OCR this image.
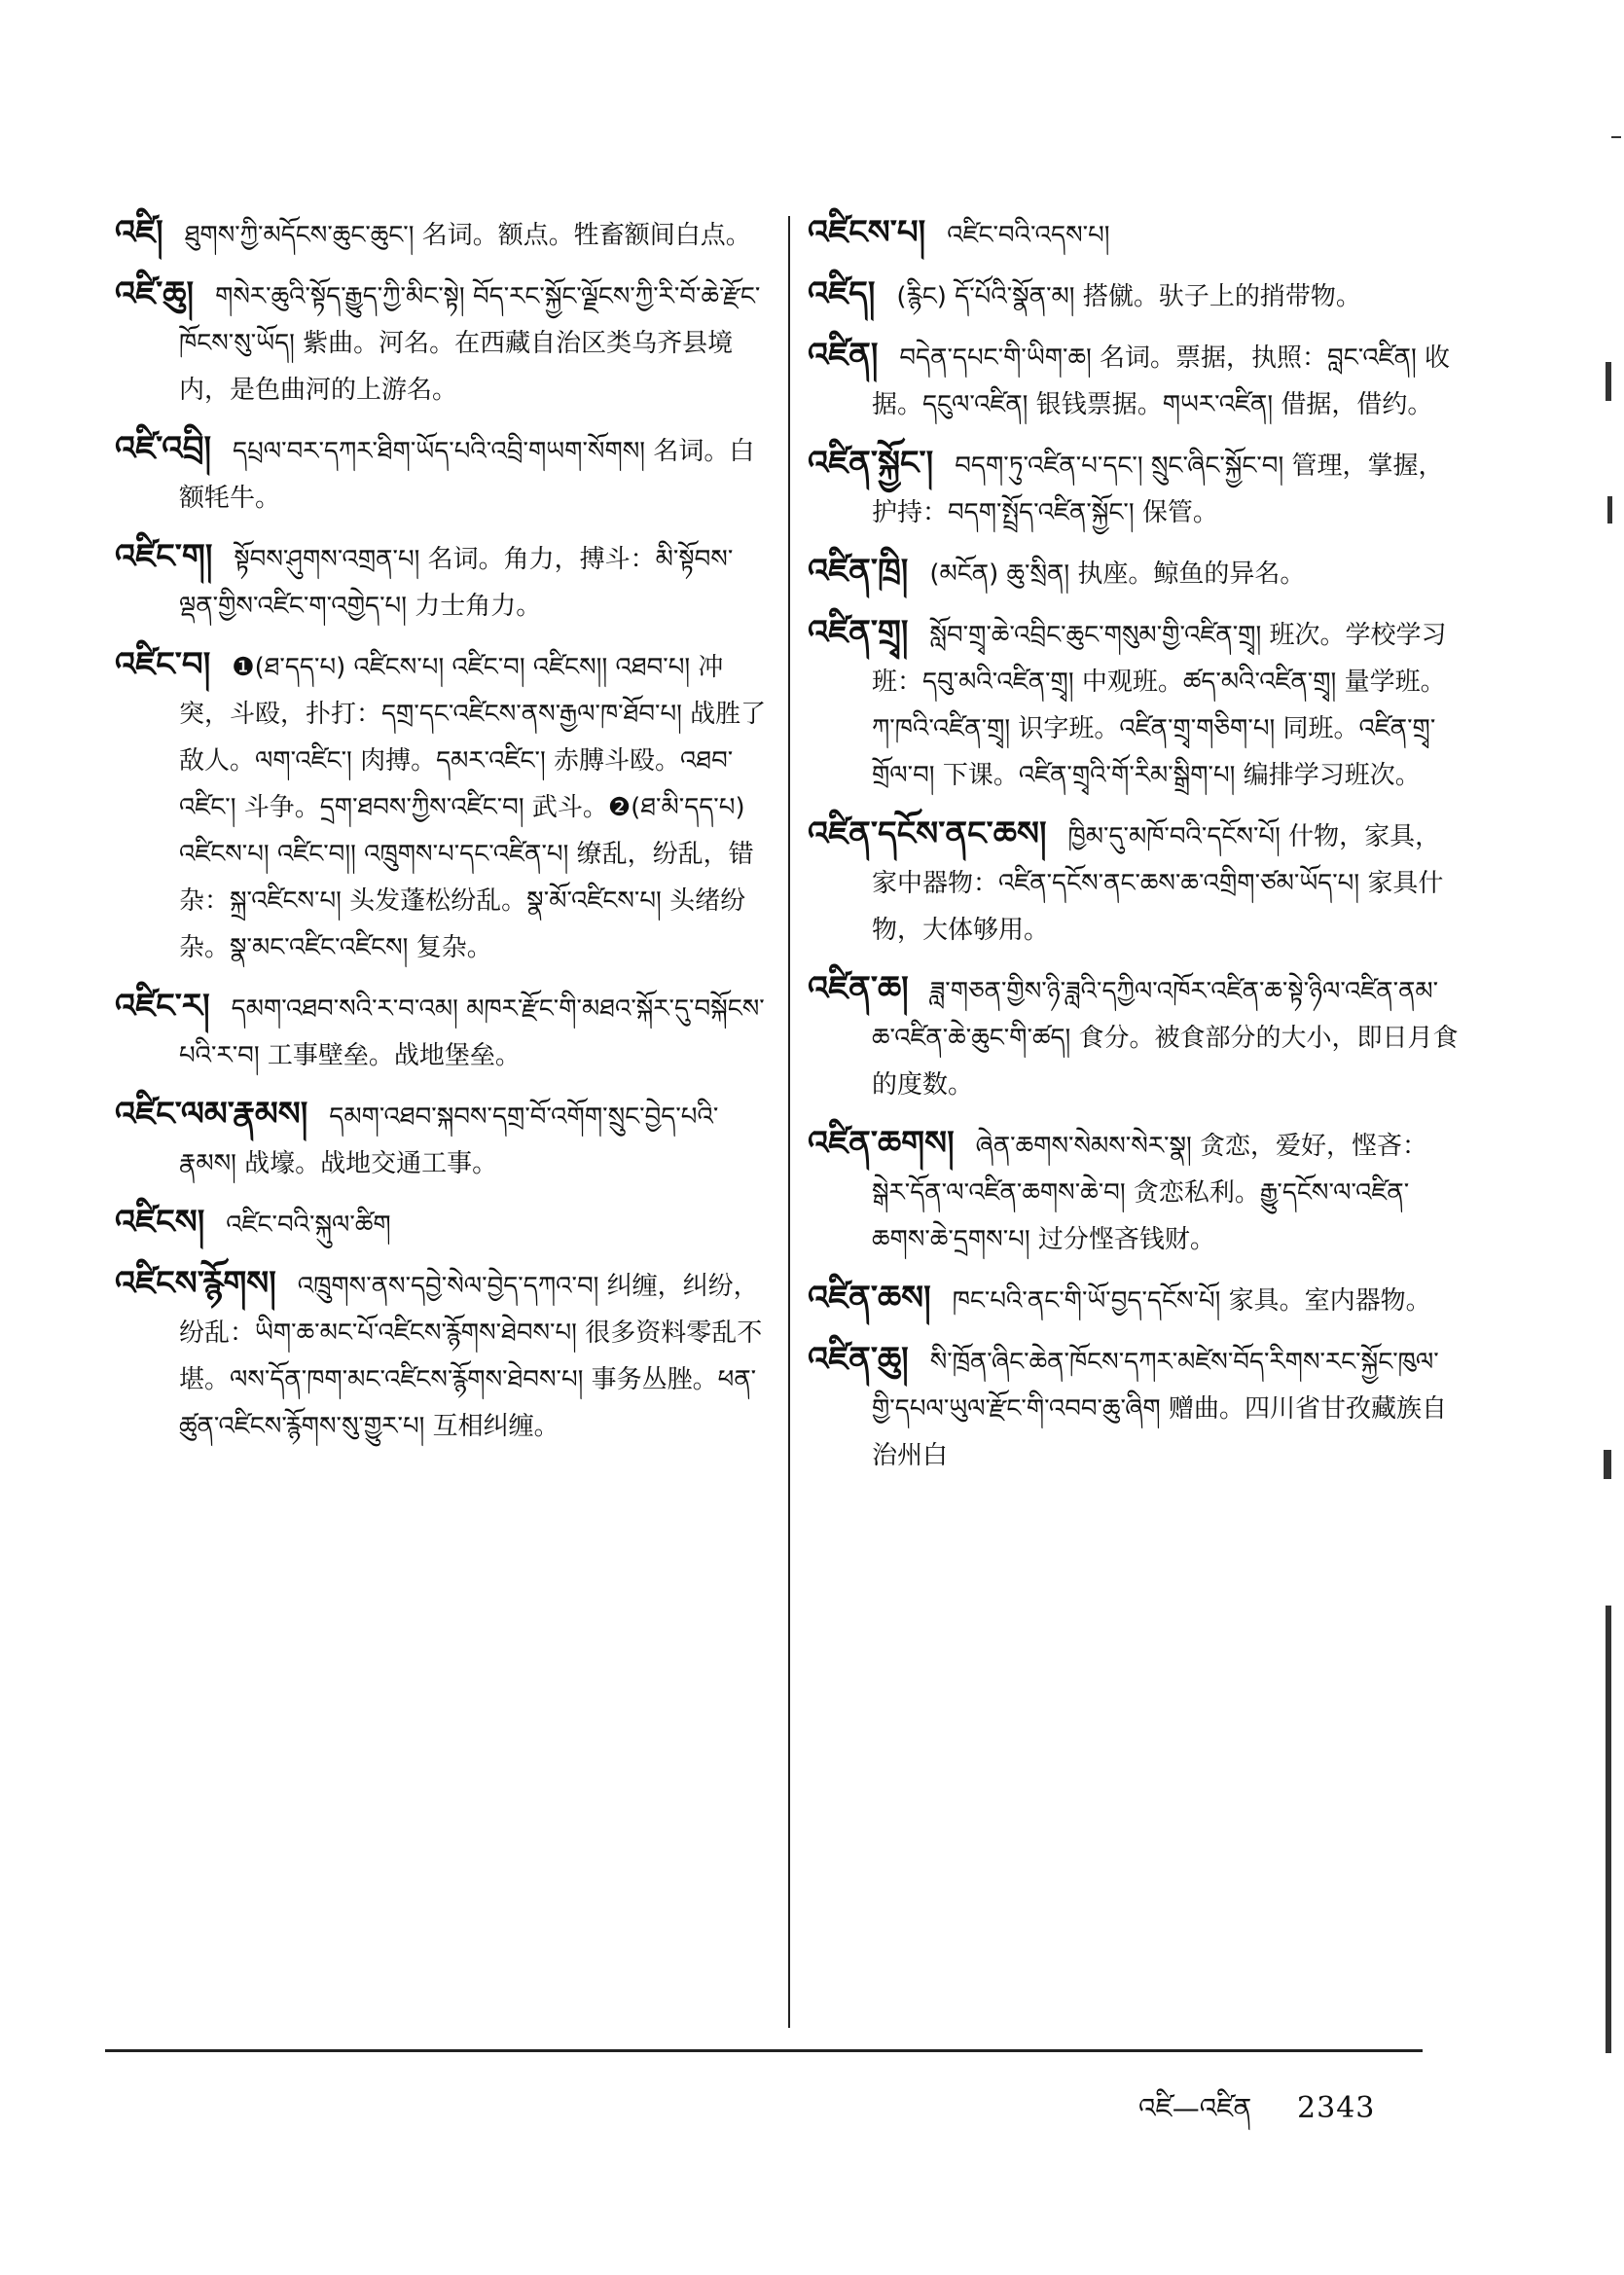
འཛི། ཐུགས་ཀྱི་མདོངས་ཆུང་ཆུང་། 名词。额点。牲畜额间白点。

འཛི་ཆུ། གསེར་ཆུའི་སྟོད་རྒྱུད་ཀྱི་མིང་སྟེ། བོད་རང་སྐྱོང་ལྗོངས་ཀྱི་རི་བོ་ཆེ་རྫོང་ཁོངས་སུ་ཡོད། 紫曲。河名。在西藏自治区类乌齐县境内，是色曲河的上游名。

འཛི་འབྲི། དཔྲལ་བར་དཀར་ཐིག་ཡོད་པའི་འབྲི་གཡག་སོགས། 名词。白额牦牛。

འཛིང་ག། སྟོབས་ཤུགས་འགྲན་པ། 名词。角力，搏斗：མི་སྟོབས་ལྡན་གྱིས་འཛིང་ག་འགྱེད་པ། 力士角力。

འཛིང་བ། ❶(ཐ་དད་པ) འཛིངས་པ། འཛིང་བ། འཛིངས།། འཐབ་པ། 冲突，斗殴，扑打：དགྲ་དང་འཛིངས་ནས་རྒྱལ་ཁ་ཐོབ་པ། 战胜了敌人。ལག་འཛིང་། 肉搏。དམར་འཛིང་། 赤膊斗殴。འཐབ་འཛིང་། 斗争。དྲག་ཐབས་ཀྱིས་འཛིང་བ། 武斗。❷(ཐ་མི་དད་པ) འཛིངས་པ། འཛིང་བ།། འཁྲུགས་པ་དང་འཛིན་པ། 缭乱，纷乱，错杂：སྐྲ་འཛིངས་པ། 头发蓬松纷乱。སྣ་མོ་འཛིངས་པ། 头绪纷杂。སྣ་མང་འཛིང་འཛིངས། 复杂。

འཛིང་ར། དམག་འཐབ་སའི་ར་བ་འམ། མཁར་རྫོང་གི་མཐའ་སྐོར་དུ་བསྐོངས་པའི་ར་བ། 工事壁垒。战地堡垒。

འཛིང་ལམ་རྣམས། དམག་འཐབ་སྐབས་དགྲ་བོ་འགོག་སྲུང་བྱེད་པའི་རྣམས། 战壕。战地交通工事。

འཛིངས། འཛིང་བའི་སྐུལ་ཚིག

འཛིངས་རྙོགས། འཁྲུགས་ནས་དབྱེ་སེལ་བྱེད་དཀའ་བ། 纠缠，纠纷，纷乱：ཡིག་ཆ་མང་པོ་འཛིངས་རྙོགས་ཐེབས་པ། 很多资料零乱不堪。ལས་དོན་ཁག་མང་འཛིངས་རྙོགས་ཐེབས་པ། 事务丛脞。ཕན་ཚུན་འཛིངས་རྙོགས་སུ་གྱུར་པ། 互相纠缠。

འཛིངས་པ། འཛིང་བའི་འདས་པ།

འཛིད། (རྙིང) དོ་པོའི་སྣོན་མ། 搭僦。驮子上的捎带物。

འཛིན། བདེན་དཔང་གི་ཡིག་ཆ། 名词。票据，执照：བླང་འཛིན། 收据。དངུལ་འཛིན། 银钱票据。གཡར་འཛིན། 借据，借约。

འཛིན་སྐྱོང་། བདག་ཏུ་འཛིན་པ་དང་། སྲུང་ཞིང་སྐྱོང་བ། 管理，掌握，护持：བདག་སྤྲོད་འཛིན་སྐྱོང་། 保管。

འཛིན་ཁྲི། (མངོན) ཆུ་སྲིན། 执座。鲸鱼的异名。

འཛིན་གྲྭ། སློབ་གྲྭ་ཆེ་འབྲིང་ཆུང་གསུམ་གྱི་འཛིན་གྲྭ། 班次。学校学习班：དབུ་མའི་འཛིན་གྲྭ། 中观班。ཚད་མའི་འཛིན་གྲྭ། 量学班。ཀ་ཁའི་འཛིན་གྲྭ། 识字班。འཛིན་གྲྭ་གཅིག་པ། 同班。འཛིན་གྲྭ་གྲོལ་བ། 下课。འཛིན་གྲྭའི་གོ་རིམ་སྒྲིག་པ། 编排学习班次。

འཛིན་དངོས་ནང་ཆས། ཁྱིམ་དུ་མཁོ་བའི་དངོས་པོ། 什物，家具，家中器物：འཛིན་དངོས་ནང་ཆས་ཆ་འགྲིག་ཙམ་ཡོད་པ། 家具什物，大体够用。

འཛིན་ཆ། ཟླ་གཅན་གྱིས་ཉི་ཟླའི་དཀྱིལ་འཁོར་འཛིན་ཆ་སྟེ་ཉིལ་འཛིན་ནམ་ཆ་འཛིན་ཆེ་ཆུང་གི་ཚད། 食分。被食部分的大小，即日月食的度数。

འཛིན་ཆགས། ཞེན་ཆགས་སེམས་སེར་སྣ། 贪恋，爱好，悭吝：སྒེར་དོན་ལ་འཛིན་ཆགས་ཆེ་བ། 贪恋私利。རྒྱུ་དངོས་ལ་འཛིན་ཆགས་ཆེ་དྲགས་པ། 过分悭吝钱财。

འཛིན་ཆས། ཁང་པའི་ནང་གི་ཡོ་བྱད་དངོས་པོ། 家具。室内器物。

འཛིན་ཆུ། སི་ཁྲོན་ཞིང་ཆེན་ཁོངས་དཀར་མཛེས་བོད་རིགས་རང་སྐྱོང་ཁུལ་གྱི་དཔལ་ཡུལ་རྫོང་གི་འབབ་ཆུ་ཞིག 赠曲。四川省甘孜藏族自治州白

འཛི—འཛིན 2343
